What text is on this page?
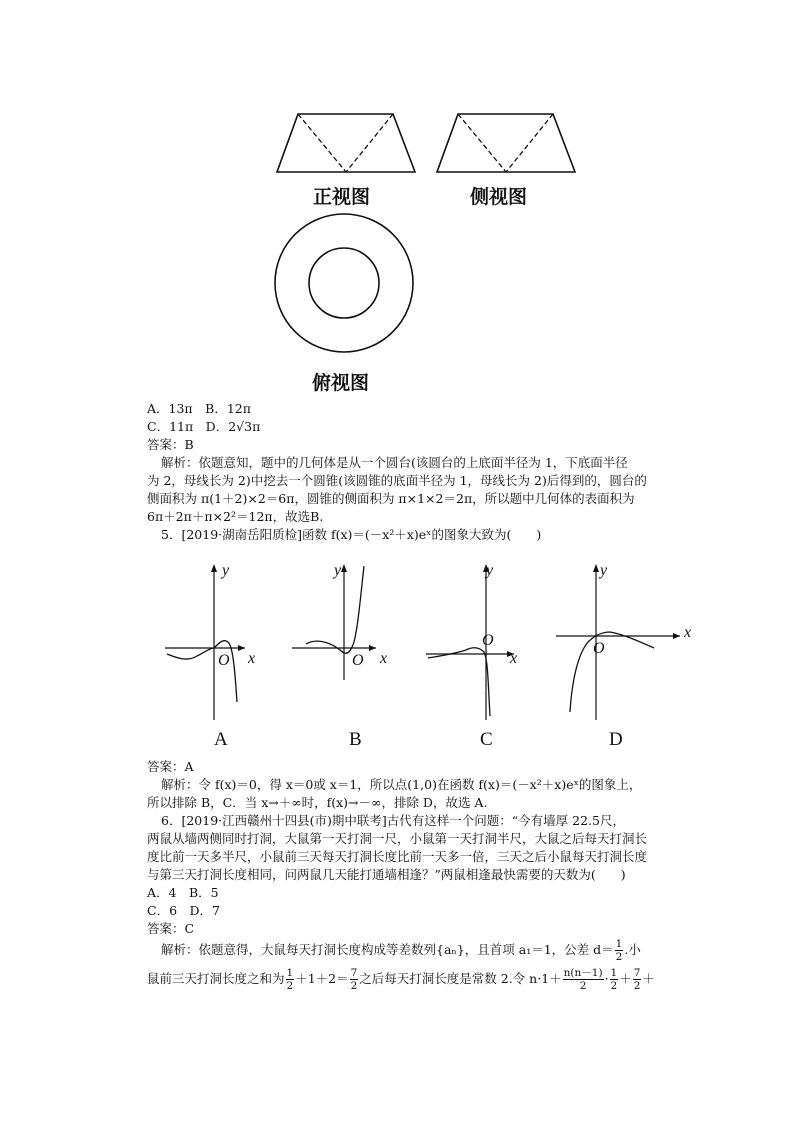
正视图	侧视图
俯视图
A．13π　B．12π
C．11π　D．2√3π
答案：B
解析：依题意知，题中的几何体是从一个圆台(该圆台的上底面半径为 1，下底面半径
为 2，母线长为 2)中挖去一个圆锥(该圆锥的底面半径为 1，母线长为 2)后得到的，圆台的
侧面积为 π(1＋2)×2＝6π，圆锥的侧面积为 π×1×2＝2π，所以题中几何体的表面积为
6π＋2π＋π×2²＝12π，故选B.
5．[2019·湖南岳阳质检]函数 f(x)＝(－x²＋x)eˣ的图象大致为(　　)
y
x
O
y
x
O
y
x
O
y
x
O
A	B	C	D
答案：A
解析：令 f(x)＝0，得 x＝0或 x＝1，所以点(1,0)在函数 f(x)＝(－x²＋x)eˣ的图象上，
所以排除 B，C．当 x→＋∞时，f(x)→－∞，排除 D，故选 A.
6．[2019·江西赣州十四县(市)期中联考]古代有这样一个问题：“今有墙厚 22.5尺，
两鼠从墙两侧同时打洞，大鼠第一天打洞一尺，小鼠第一天打洞半尺，大鼠之后每天打洞长
度比前一天多半尺，小鼠前三天每天打洞长度比前一天多一倍，三天之后小鼠每天打洞长度
与第三天打洞长度相同，问两鼠几天能打通墙相逢？”两鼠相逢最快需要的天数为(　　)
A．4　B．5
C．6　D．7
答案：C
解析：依题意得，大鼠每天打洞长度构成等差数列{aₙ}，且首项 a₁＝1，公差 $d= \frac{1}{2}$ .小
鼠前三天打洞长度之和为 $\frac{1}{2} +1+2= \frac{7}{2}$ 之后每天打洞长度是常数 2.令 $n\cdot 1+ \frac{n(n-1)}{2} \cdot \frac{1}{2} + \frac{7}{2}$ ＋
